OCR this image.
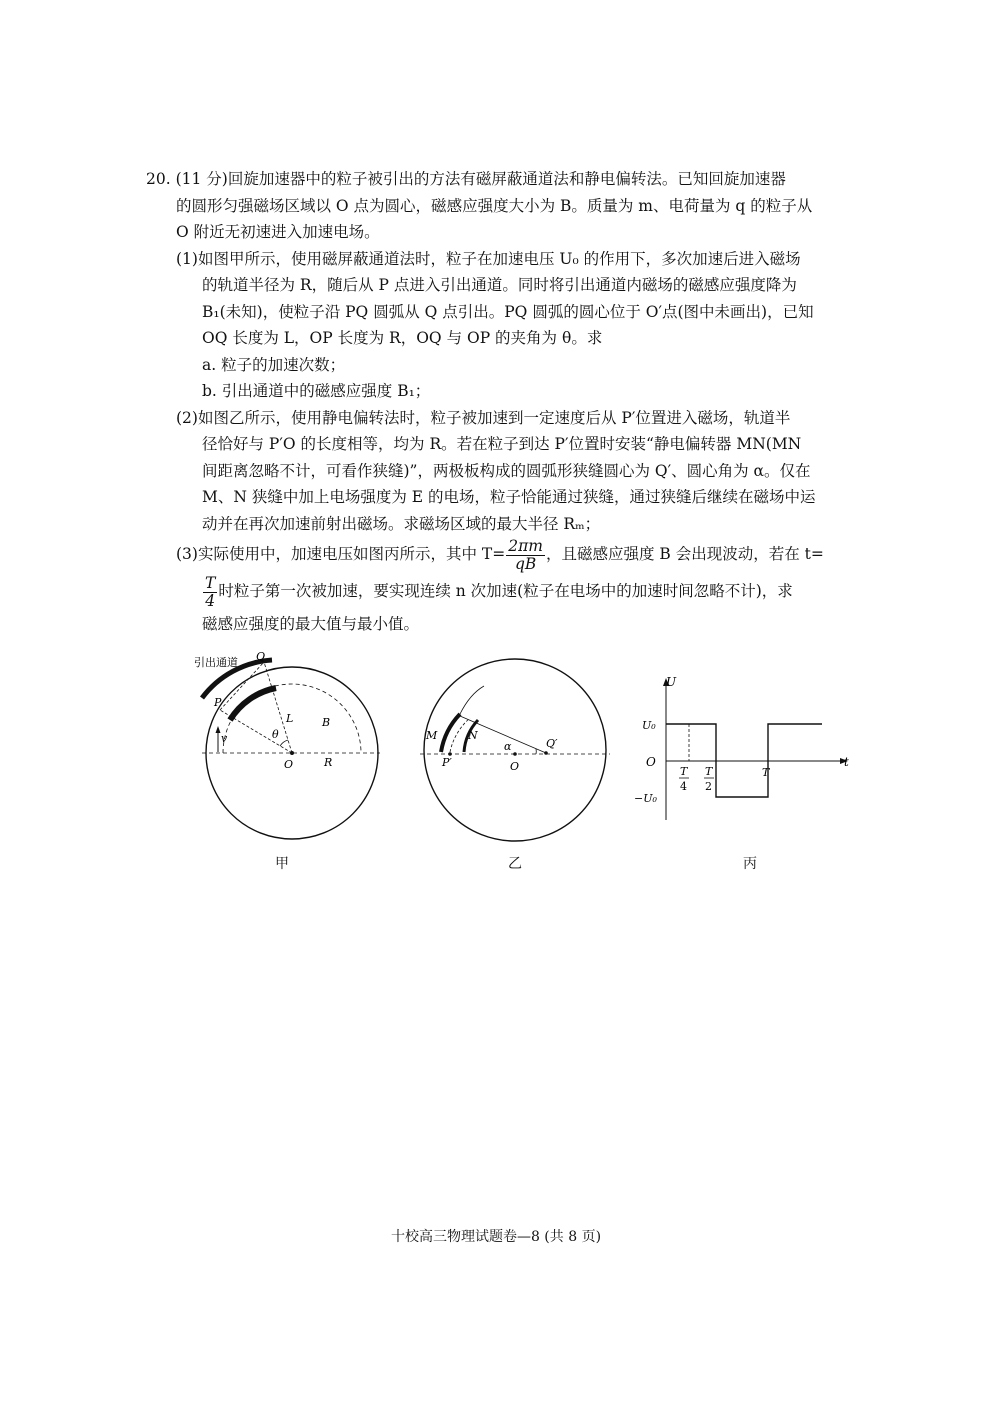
20. (11 分)回旋加速器中的粒子被引出的方法有磁屏蔽通道法和静电偏转法。已知回旋加速器
的圆形匀强磁场区域以 O 点为圆心，磁感应强度大小为 B。质量为 m、电荷量为 q 的粒子从
O 附近无初速进入加速电场。
(1)如图甲所示，使用磁屏蔽通道法时，粒子在加速电压 U₀ 的作用下，多次加速后进入磁场
的轨道半径为 R，随后从 P 点进入引出通道。同时将引出通道内磁场的磁感应强度降为
B₁(未知)，使粒子沿 PQ 圆弧从 Q 点引出。PQ 圆弧的圆心位于 O′点(图中未画出)，已知
OQ 长度为 L，OP 长度为 R，OQ 与 OP 的夹角为 θ。求
a. 粒子的加速次数；
b. 引出通道中的磁感应强度 B₁；
(2)如图乙所示，使用静电偏转法时，粒子被加速到一定速度后从 P′位置进入磁场，轨道半
径恰好与 P′O 的长度相等，均为 R。若在粒子到达 P′位置时安装“静电偏转器 MN(MN
间距离忽略不计，可看作狭缝)”，两极板构成的圆弧形狭缝圆心为 Q′、圆心角为 α。仅在
M、N 狭缝中加上电场强度为 E 的电场，粒子恰能通过狭缝，通过狭缝后继续在磁场中运
动并在再次加速前射出磁场。求磁场区域的最大半径 Rₘ；
(3)实际使用中，加速电压如图丙所示，其中 $T= \frac{2\pi m}{qB}$ ，且磁感应强度 B 会出现波动，若在 t=
$\frac{T}{4}$ 时粒子第一次被加速，要实现连续 n 次加速(粒子在电场中的加速时间忽略不计)，求
磁感应强度的最大值与最小值。
引出通道 Q
P
L	B
θ
v
O	R
甲
M	N
α	Q′
P′	O
乙
U
U₀
−U₀
O	t
T
4
T
2
T
丙
十校高三物理试题卷—8 (共 8 页)
